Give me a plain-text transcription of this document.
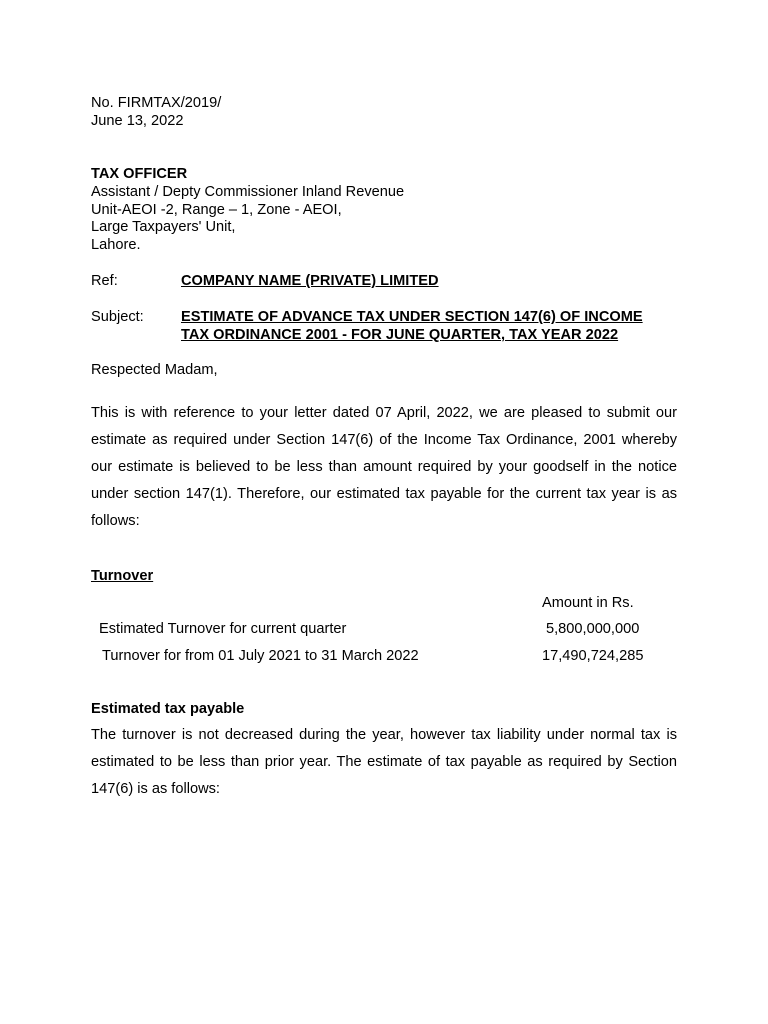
No. FIRMTAX/2019/
June 13, 2022
TAX OFFICER
Assistant / Depty Commissioner Inland Revenue
Unit-AEOI -2, Range – 1, Zone - AEOI,
Large Taxpayers' Unit,
Lahore.
Ref:	COMPANY NAME (PRIVATE) LIMITED
Subject:	ESTIMATE OF ADVANCE TAX UNDER SECTION 147(6) OF INCOME
TAX ORDINANCE 2001 - FOR JUNE QUARTER, TAX YEAR 2022
Respected Madam,
This is with reference to your letter dated 07 April, 2022, we are pleased to submit our
estimate as required under Section 147(6) of the Income Tax Ordinance, 2001 whereby
our estimate is believed to be less than amount required by your goodself in the notice
under section 147(1). Therefore, our estimated tax payable for the current tax year is as
follows:
Turnover
Amount in Rs.
Estimated Turnover for current quarter	5,800,000,000
Turnover for from 01 July 2021 to 31 March 2022	17,490,724,285
Estimated tax payable
The turnover is not decreased during the year, however tax liability under normal tax is
estimated to be less than prior year. The estimate of tax payable as required by Section
147(6) is as follows:
